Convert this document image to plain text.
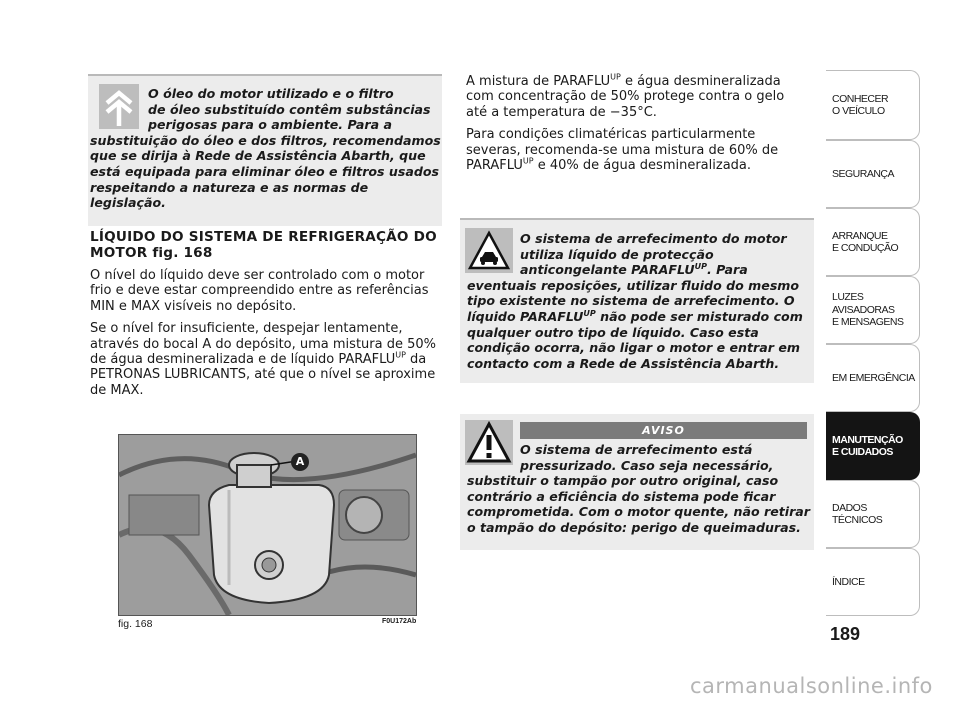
O óleo do motor utilizado e o filtro
de óleo substituído contêm substâncias
perigosas para o ambiente. Para a
substituição do óleo e dos filtros, recomendamos que se dirija à Rede de Assistência Abarth, que está equipada para eliminar óleo e filtros usados respeitando a natureza e as normas de legislação.
LÍQUIDO DO SISTEMA DE REFRIGERAÇÃO DO MOTOR fig. 168

O nível do líquido deve ser controlado com o motor frio e deve estar compreendido entre as referências MIN e MAX visíveis no depósito.

Se o nível for insuficiente, despejar lentamente, através do bocal A do depósito, uma mistura de 50% de água desmineralizada e de líquido $PARAFLU^{UP}$ da PETRONAS LUBRICANTS, até que o nível se aproxime de MAX.

A
fig. 168	F0U172Ab

A mistura de $PARAFLU^{UP}$ e água desmineralizada com concentração de 50% protege contra o gelo até a temperatura de −35°C.

Para condições climatéricas particularmente severas, recomenda-se uma mistura de 60% de $PARAFLU^{UP}$ e 40% de água desmineralizada.

O sistema de arrefecimento do motor
utiliza líquido de protecção
anticongelante $PARAFLU^{UP}$. Para
eventuais reposições, utilizar fluido do mesmo tipo existente no sistema de arrefecimento. O líquido $PARAFLU^{UP}$ não pode ser misturado com qualquer outro tipo de líquido. Caso esta condição ocorra, não ligar o motor e entrar em contacto com a Rede de Assistência Abarth.
AVISO
O sistema de arrefecimento está
pressurizado. Caso seja necessário,
substituir o tampão por outro original, caso contrário a eficiência do sistema pode ficar comprometida. Com o motor quente, não retirar o tampão do depósito: perigo de queimaduras.
CONHECER
O VEÍCULO
SEGURANÇA
ARRANQUE
E CONDUÇÃO
LUZES
AVISADORAS
E MENSAGENS
EM EMERGÊNCIA
MANUTENÇÃO
E CUIDADOS
DADOS
TÉCNICOS
ÍNDICE
189
carmanualsonline.info
